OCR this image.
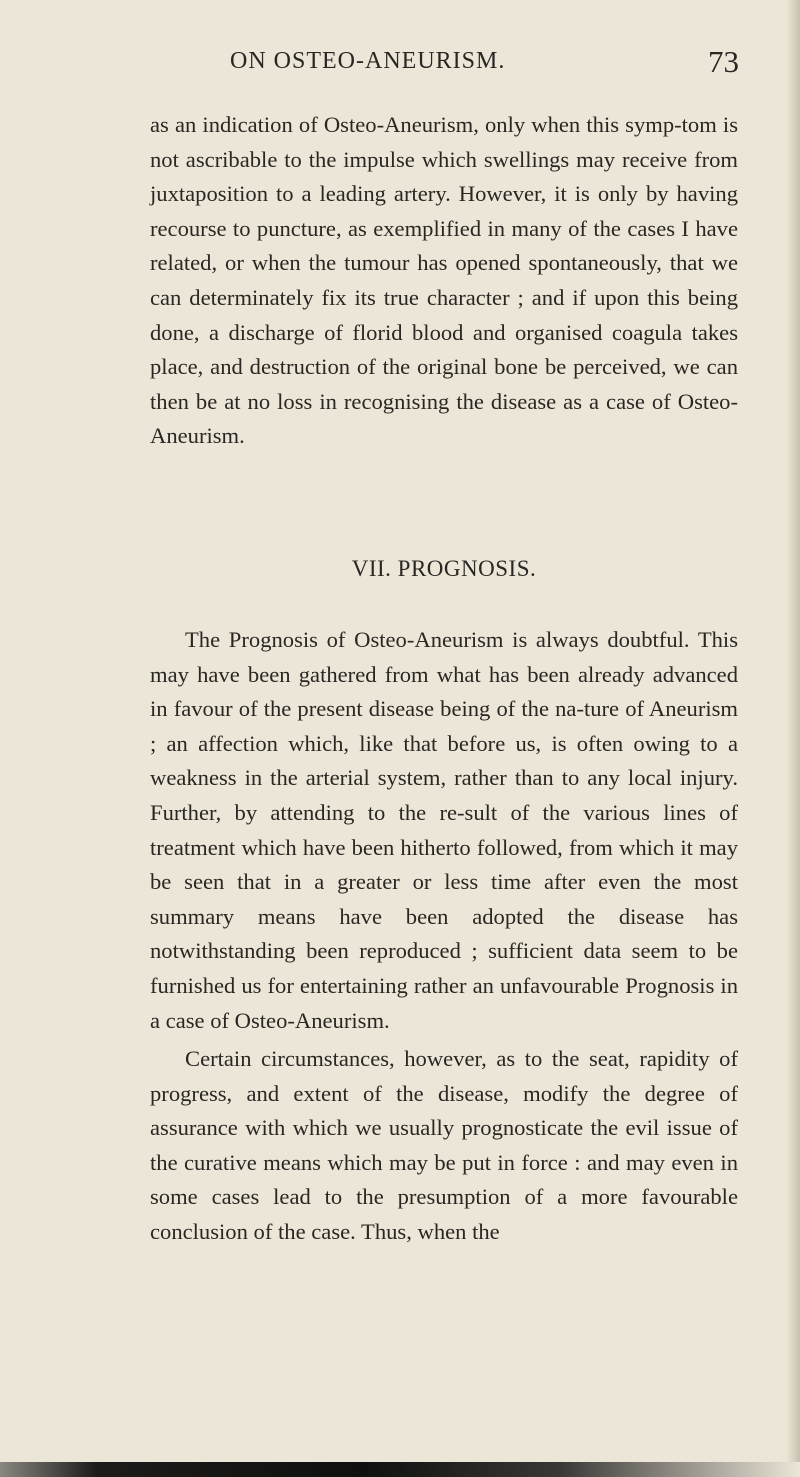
ON OSTEO-ANEURISM.	73

as an indication of Osteo-Aneurism, only when this symp-tom is not ascribable to the impulse which swellings may receive from juxtaposition to a leading artery. However, it is only by having recourse to puncture, as exemplified in many of the cases I have related, or when the tumour has opened spontaneously, that we can determinately fix its true character ; and if upon this being done, a discharge of florid blood and organised coagula takes place, and destruction of the original bone be perceived, we can then be at no loss in recognising the disease as a case of Osteo-Aneurism.

VII. PROGNOSIS.

The Prognosis of Osteo-Aneurism is always doubtful. This may have been gathered from what has been already advanced in favour of the present disease being of the na-ture of Aneurism ; an affection which, like that before us, is often owing to a weakness in the arterial system, rather than to any local injury. Further, by attending to the re-sult of the various lines of treatment which have been hitherto followed, from which it may be seen that in a greater or less time after even the most summary means have been adopted the disease has notwithstanding been reproduced ; sufficient data seem to be furnished us for entertaining rather an unfavourable Prognosis in a case of Osteo-Aneurism.

Certain circumstances, however, as to the seat, rapidity of progress, and extent of the disease, modify the degree of assurance with which we usually prognosticate the evil issue of the curative means which may be put in force : and may even in some cases lead to the presumption of a more favourable conclusion of the case. Thus, when the
